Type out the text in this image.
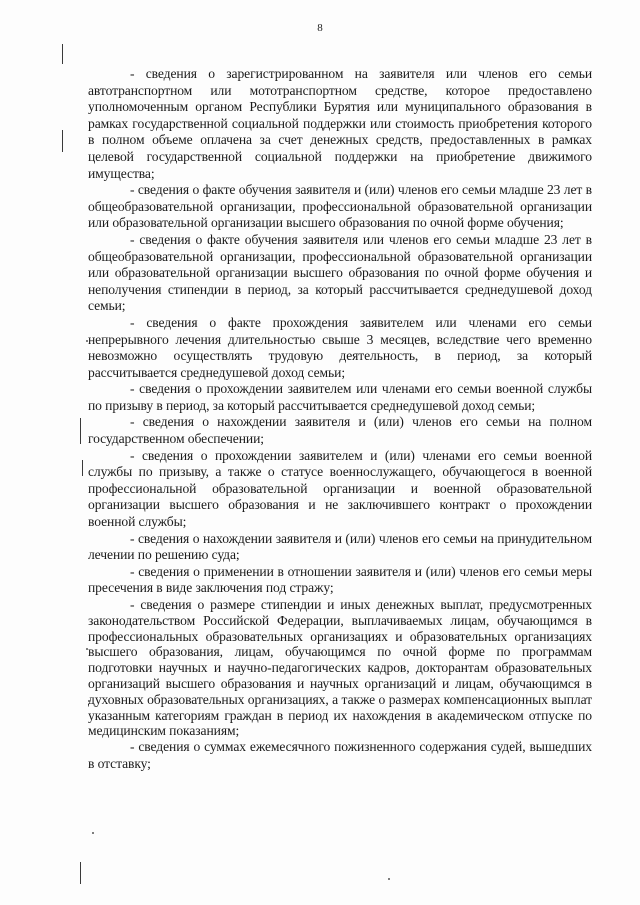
8

- сведения о зарегистрированном на заявителя или членов его семьи автотранспортном или мототранспортном средстве, которое предоставлено уполномоченным органом Республики Бурятия или муниципального образования в рамках государственной социальной поддержки или стоимость приобретения которого в полном объеме оплачена за счет денежных средств, предоставленных в рамках целевой государственной социальной поддержки на приобретение движимого имущества;

- сведения о факте обучения заявителя и (или) членов его семьи младше 23 лет в общеобразовательной организации, профессиональной образовательной организации или образовательной организации высшего образования по очной форме обучения;

- сведения о факте обучения заявителя или членов его семьи младше 23 лет в общеобразовательной организации, профессиональной образовательной организации или образовательной организации высшего образования по очной форме обучения и неполучения стипендии в период, за который рассчитывается среднедушевой доход семьи;

- сведения о факте прохождения заявителем или членами его семьи непрерывного лечения длительностью свыше 3 месяцев, вследствие чего временно невозможно осуществлять трудовую деятельность, в период, за который рассчитывается среднедушевой доход семьи;

- сведения о прохождении заявителем или членами его семьи военной службы по призыву в период, за который рассчитывается среднедушевой доход семьи;

- сведения о нахождении заявителя и (или) членов его семьи на полном государственном обеспечении;

- сведения о прохождении заявителем и (или) членами его семьи военной службы по призыву, а также о статусе военнослужащего, обучающегося в военной профессиональной образовательной организации и военной образовательной организации высшего образования и не заключившего контракт о прохождении военной службы;

- сведения о нахождении заявителя и (или) членов его семьи на принудительном лечении по решению суда;

- сведения о применении в отношении заявителя и (или) членов его семьи меры пресечения в виде заключения под стражу;

- сведения о размере стипендии и иных денежных выплат, предусмотренных законодательством Российской Федерации, выплачиваемых лицам, обучающимся в профессиональных образовательных организациях и образовательных организациях высшего образования, лицам, обучающимся по очной форме по программам подготовки научных и научно-педагогических кадров, докторантам образовательных организаций высшего образования и научных организаций и лицам, обучающимся в духовных образовательных организациях, а также о размерах компенсационных выплат указанным категориям граждан в период их нахождения в академическом отпуске по медицинским показаниям;

- сведения о суммах ежемесячного пожизненного содержания судей, вышедших в отставку;
